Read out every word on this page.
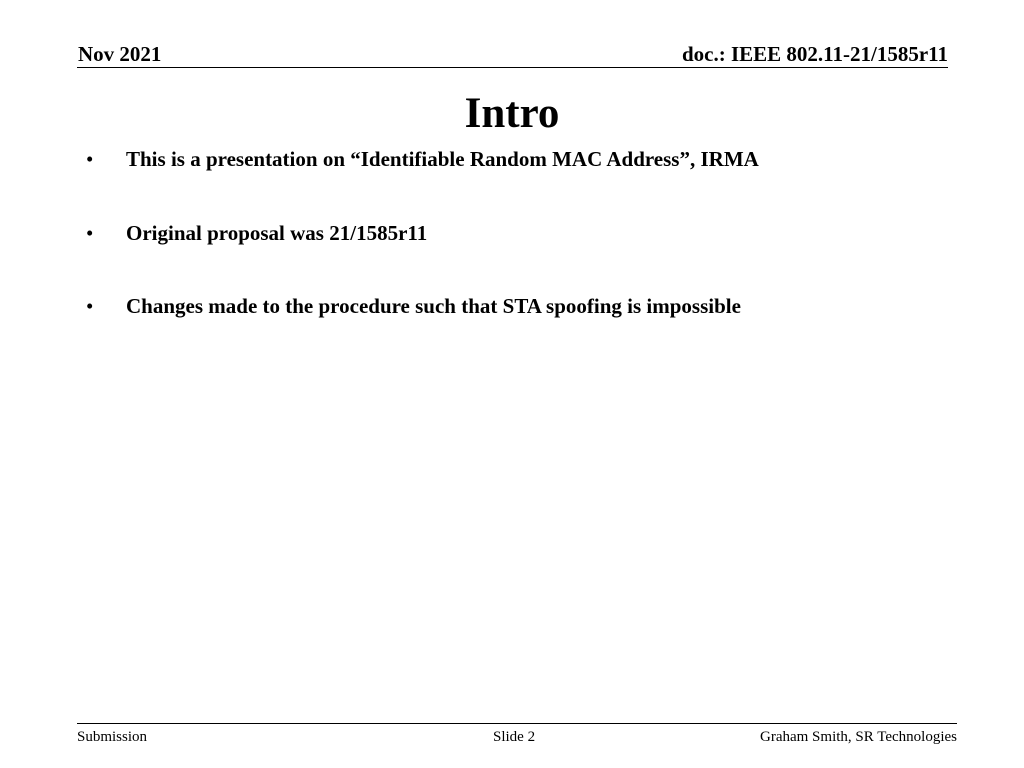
Nov 2021	doc.: IEEE 802.11-21/1585r11
Intro
• This is a presentation on “Identifiable Random MAC Address”, IRMA
• Original proposal was 21/1585r11
• Changes made to the procedure such that STA spoofing is impossible
Submission	Slide 2	Graham Smith, SR Technologies
